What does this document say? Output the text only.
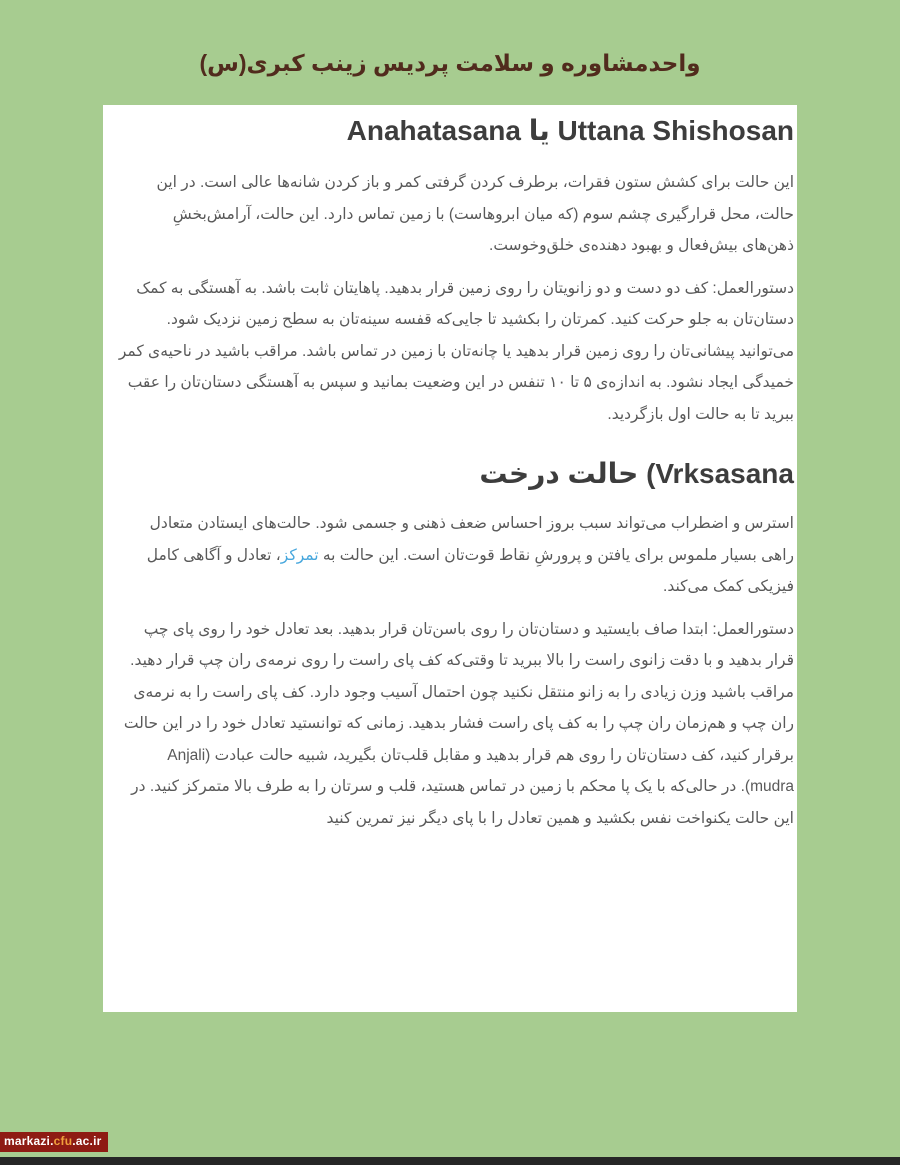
واحدمشاوره و سلامت پردیس زینب کبری(س)
Uttana Shishosan یا Anahatasana

این حالت برای کشش ستون فقرات، برطرف کردن گرفتی کمر و باز کردن شانه‌ها عالی است. در این حالت، محل قرارگیری چشم سوم (که میان ابروهاست) با زمین تماس دارد. این حالت، آرامش‌بخشِ ذهن‌های بیش‌فعال و بهبود دهنده‌ی خلق‌وخوست.

دستورالعمل: کف دو دست و دو زانویتان را روی زمین قرار بدهید. پاهایتان ثابت باشد. به آهستگی به کمک دستان‌تان به جلو حرکت کنید. کمرتان را بکشید تا جایی‌که قفسه سینه‌تان به سطح زمین نزدیک شود. می‌توانید پیشانی‌تان را روی زمین قرار بدهید یا چانه‌تان با زمین در تماس باشد. مراقب باشید در ناحیه‌ی کمر خمیدگی ایجاد نشود. به اندازه‌ی ۵ تا ۱۰ تنفس در این وضعیت بمانید و سپس به آهستگی دستان‌تان را عقب ببرید تا به حالت اول بازگردید.

Vrksasana) حالت درخت

استرس و اضطراب می‌تواند سبب بروز احساس ضعف ذهنی و جسمی شود. حالت‌های ایستادن متعادل راهی بسیار ملموس برای یافتن و پرورشِ نقاط قوت‌تان است. این حالت به تمرکز، تعادل و آگاهی کامل فیزیکی کمک می‌کند.

دستورالعمل: ابتدا صاف بایستید و دستان‌تان را روی باسن‌تان قرار بدهید. بعد تعادل خود را روی پای چپ قرار بدهید و با دقت زانوی راست را بالا ببرید تا وقتی‌که کف پای راست را روی نرمه‌ی ران چپ قرار دهید. مراقب باشید وزن زیادی را به زانو منتقل نکنید چون احتمال آسیب وجود دارد. کف پای راست را به نرمه‌ی ران چپ و هم‌زمان ران چپ را به کف پای راست فشار بدهید. زمانی که توانستید تعادل خود را در این حالت برقرار کنید، کف دستان‌تان را روی هم قرار بدهید و مقابل قلب‌تان بگیرید، شبیه حالت عبادت (Anjali mudra). در حالی‌که با یک پا محکم با زمین در تماس هستید، قلب و سرتان را به طرف بالا متمرکز کنید. در این حالت یکنواخت نفس بکشید و همین تعادل را با پای دیگر نیز تمرین کنید

markazi.cfu.ac.ir
